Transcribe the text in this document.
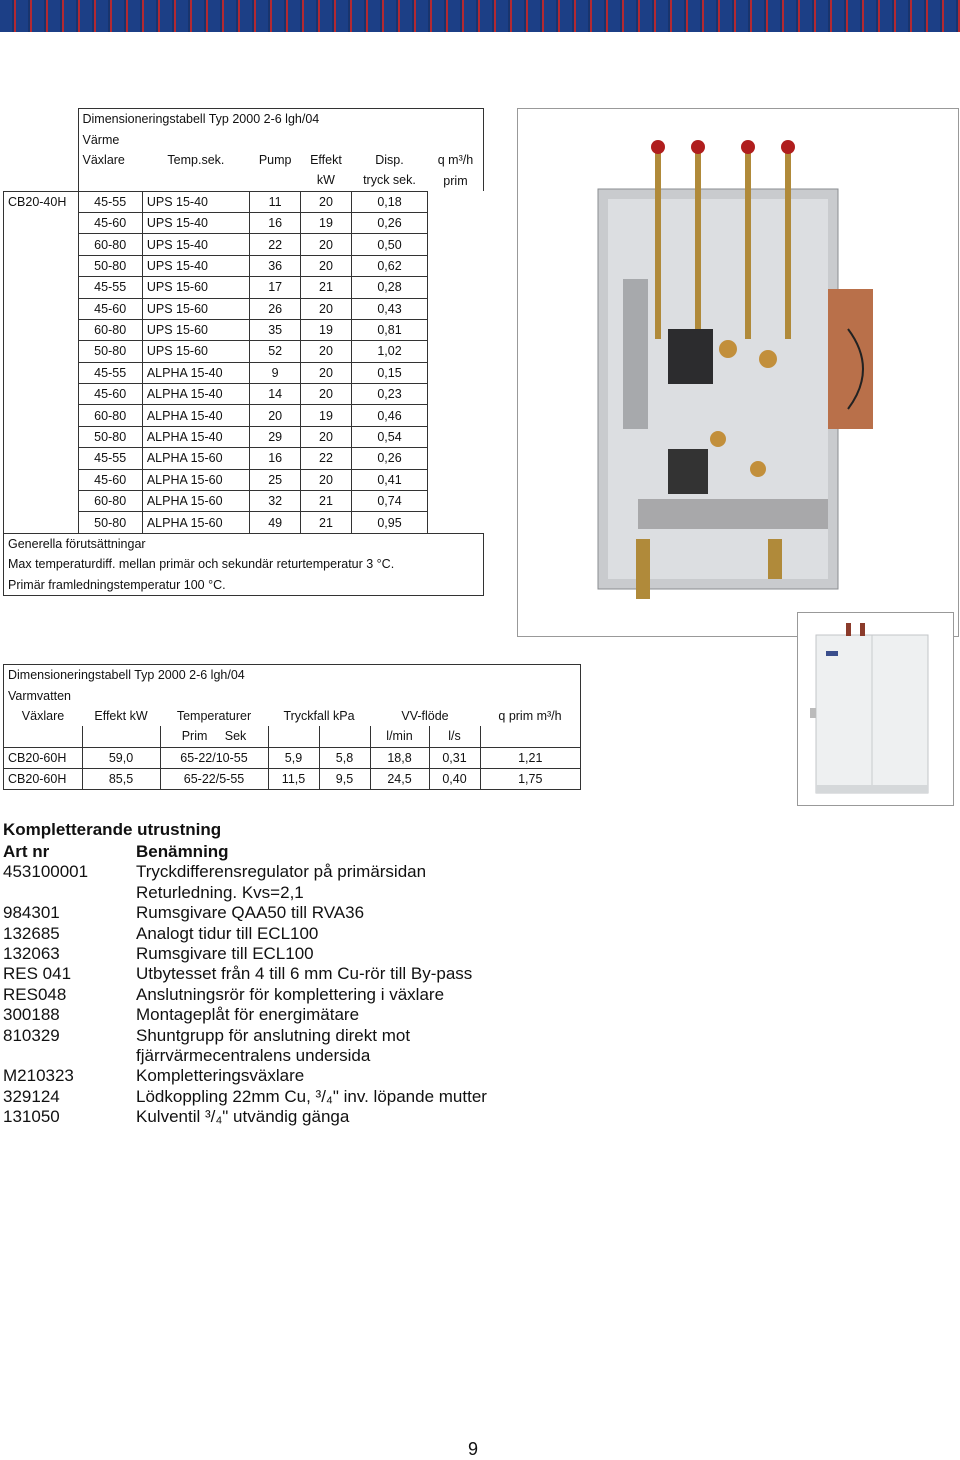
	Dimensioneringstabell Typ 2000 2-6 lgh/04					
	Värme					
	Växlare	Temp.sek.	Pump	Effekt	Disp.	q m³/h
				kW	tryck sek.	prim
CB20-40H	45-55	UPS 15-40	11	20	0,18	
	45-60	UPS 15-40	16	19	0,26	
	60-80	UPS 15-40	22	20	0,50	
	50-80	UPS 15-40	36	20	0,62	
	45-55	UPS 15-60	17	21	0,28	
	45-60	UPS 15-60	26	20	0,43	
	60-80	UPS 15-60	35	19	0,81	
	50-80	UPS 15-60	52	20	1,02	
	45-55	ALPHA 15-40	9	20	0,15	
	45-60	ALPHA 15-40	14	20	0,23	
	60-80	ALPHA 15-40	20	19	0,46	
	50-80	ALPHA 15-40	29	20	0,54	
	45-55	ALPHA 15-60	16	22	0,26	
	45-60	ALPHA 15-60	25	20	0,41	
	60-80	ALPHA 15-60	32	21	0,74	
	50-80	ALPHA 15-60	49	21	0,95	
Generella förutsättningar						
Max temperaturdiff. mellan primär och sekundär returtemperatur 3 °C.						
Primär framledningstemperatur 100 °C.						
Dimensioneringstabell Typ 2000 2-6 lgh/04							
Varmvatten							
Växlare	Effekt kW	Temperaturer	Tryckfall kPa		VV-flöde		q prim m³/h
		Prim Sek			l/min	l/s	
CB20-60H	59,0	65-22/10-55	5,9	5,8	18,8	0,31	1,21
CB20-60H	85,5	65-22/5-55	11,5	9,5	24,5	0,40	1,75
Kompletterande utrustning
Art nr	Benämning
453100001	Tryckdifferensregulator på primärsidan
Returledning. Kvs=2,1
984301	Rumsgivare QAA50 till RVA36
132685	Analogt tidur till ECL100
132063	Rumsgivare till ECL100
RES 041	Utbytesset från 4 till 6 mm Cu-rör till By-pass
RES048	Anslutningsrör för komplettering i växlare
300188	Montageplåt för energimätare
810329	Shuntgrupp för anslutning direkt mot
fjärrvärmecentralens undersida
M210323	Kompletteringsväxlare
329124	Lödkoppling 22mm Cu, ³/₄" inv. löpande mutter
131050	Kulventil ³/₄" utvändig gänga
9
